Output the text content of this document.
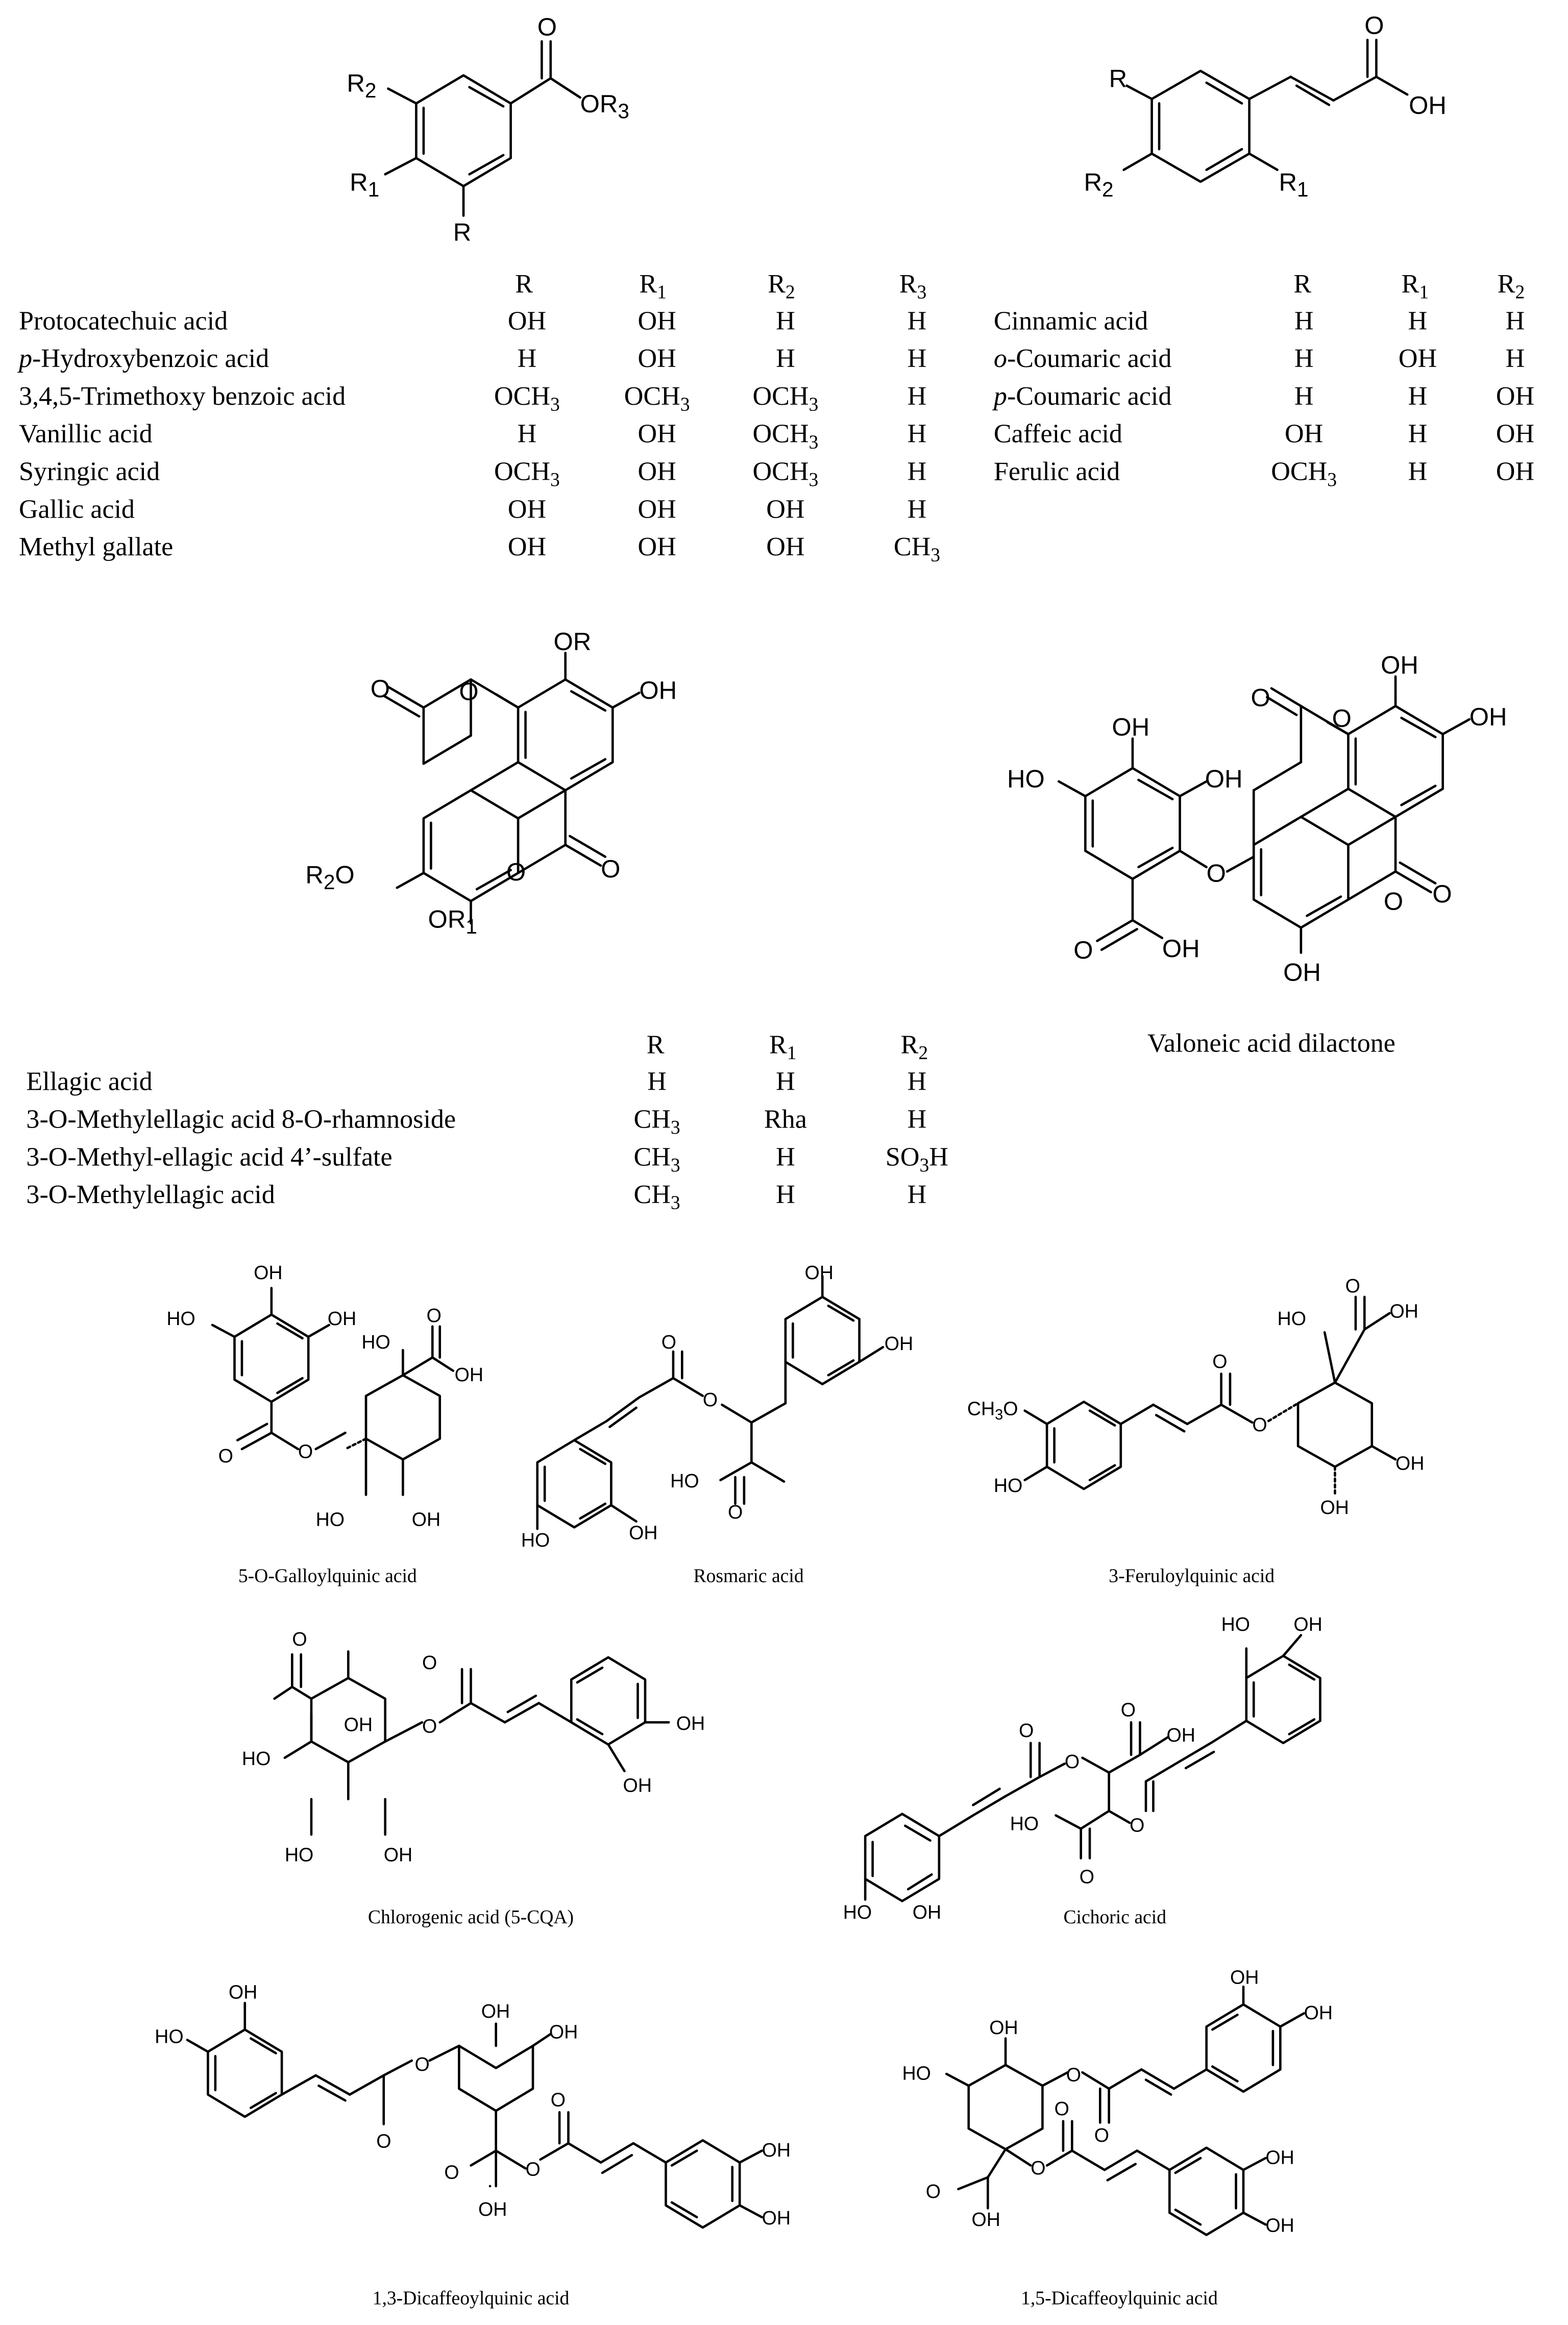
O
$OR_3$
$R_2$
$R_1$
R
R	$R_1$	$R_2$	$R_3$
Protocatechuic acid	OH	OH	H	H
p-Hydroxybenzoic acid	H	OH	H	H
3,4,5-Trimethoxy benzoic acid	$OCH_3$	$OCH_3$	$OCH_3$	H
Vanillic acid	H	OH	$OCH_3$	H
Syringic acid	$OCH_3$	OH	$OCH_3$	H
Gallic acid	OH	OH	OH	H
Methyl gallate	OH	OH	OH	$CH_3$
O
OH
R
$R_2$	$R_1$
R	$R_1$	$R_2$
Cinnamic acid	H	H	H
o-Coumaric acid	H	OH	H
p-Coumaric acid	H	H	OH
Caffeic acid	OH	H	OH
Ferulic acid	$OCH_3$	H	OH
O
O
O
O
OR
OH
$R_2O$
$OR_1$
R	$R_1$	$R_2$
Ellagic acid	H	H	H
3-O-Methylellagic acid 8-O-rhamnoside	$CH_3$	Rha	H
3-O-Methyl-ellagic acid 4’-sulfate	$CH_3$	H	$SO_3H$
3-O-Methylellagic acid	$CH_3$	H	H
O
O
O	O
O
OH
OH
OH
OH
OH
HO
O	OH
Valoneic acid dilactone
OH
OH
HO
O	O
HO
O
OH
HO	OH
5-O-Galloylquinic acid
OH
OH
O
O
HO
O
HO	OH
Rosmaric acid
$CH_3O$
HO
O
O
HO
O
OH
OH
OH
3-Feruloylquinic acid
O
HO
OH	O
O
OH
OH
HO	OH
Chlorogenic acid (5-CQA)
HO	OH
O
O
O
OH
HO
O
O
HO	OH	Cichoric acid
OH
HO
O
O
OH
OH
O
OH
O
O
OH
OH
1,3-Dicaffeoylquinic acid
HO
OH
O
O
OH
OH
O
OH
O
O
OH
OH
1,5-Dicaffeoylquinic acid
